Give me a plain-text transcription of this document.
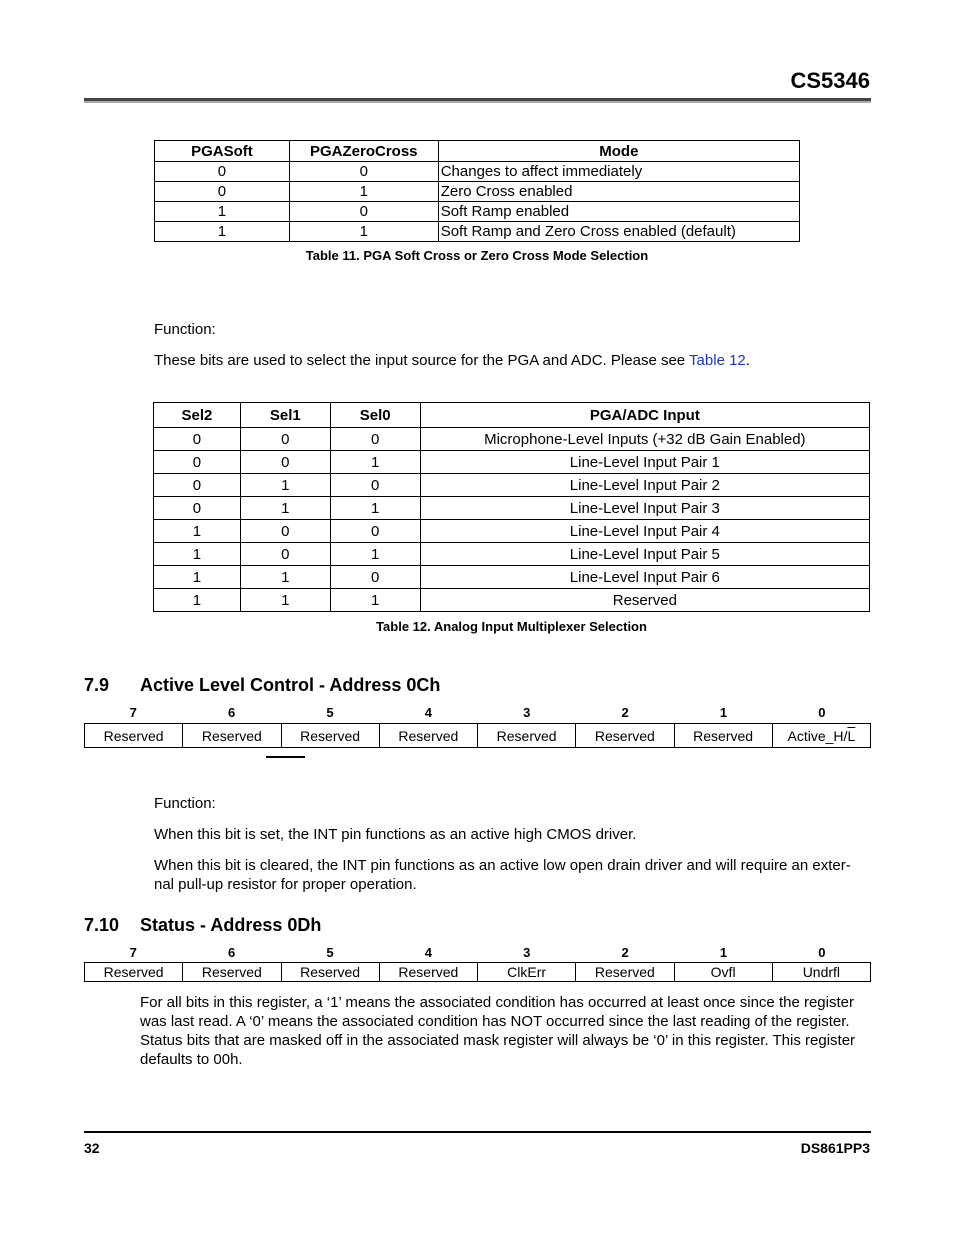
CS5346
PGASoft	PGAZeroCross	Mode
0	0	Changes to affect immediately
0	1	Zero Cross enabled
1	0	Soft Ramp enabled
1	1	Soft Ramp and Zero Cross enabled (default)
Table 11. PGA Soft Cross or Zero Cross Mode Selection
Function:
These bits are used to select the input source for the PGA and ADC. Please see Table 12.
Sel2	Sel1	Sel0	PGA/ADC Input
0	0	0	Microphone-Level Inputs (+32 dB Gain Enabled)
0	0	1	Line-Level Input Pair 1
0	1	0	Line-Level Input Pair 2
0	1	1	Line-Level Input Pair 3
1	0	0	Line-Level Input Pair 4
1	0	1	Line-Level Input Pair 5
1	1	0	Line-Level Input Pair 6
1	1	1	Reserved
Table 12. Analog Input Multiplexer Selection
7.9 Active Level Control - Address 0Ch
7	6	5	4	3	2	1	0
Reserved	Reserved	Reserved	Reserved	Reserved	Reserved	Reserved	$Active\_H/\overline{L}$
Function:
When this bit is set, the INT pin functions as an active high CMOS driver.
When this bit is cleared, the INT pin functions as an active low open drain driver and will require an exter-nal pull-up resistor for proper operation.
7.10 Status - Address 0Dh
7	6	5	4	3	2	1	0
Reserved	Reserved	Reserved	Reserved	ClkErr	Reserved	Ovfl	Undrfl
For all bits in this register, a ‘1’ means the associated condition has occurred at least once since the register was last read. A ‘0’ means the associated condition has NOT occurred since the last reading of the register. Status bits that are masked off in the associated mask register will always be ‘0’ in this register. This register defaults to 00h.
32	DS861PP3
